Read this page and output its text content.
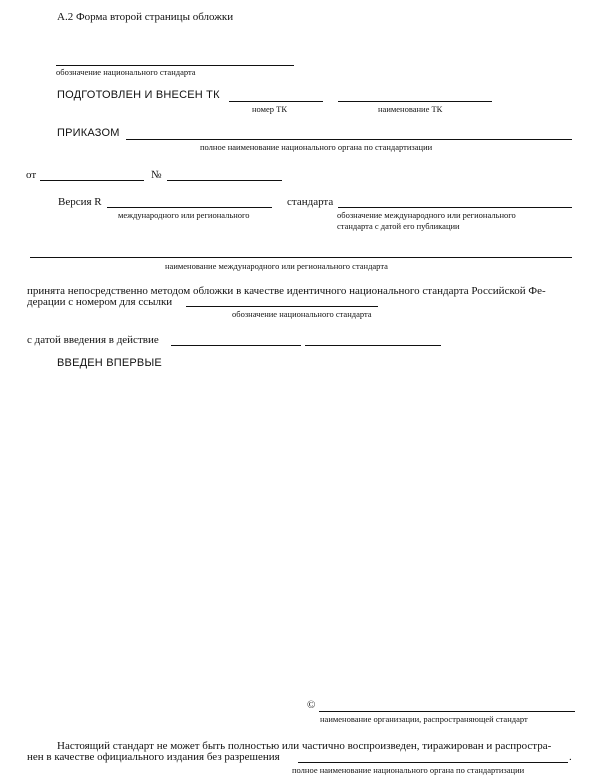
А.2 Форма второй страницы обложки
обозначение национального стандарта
ПОДГОТОВЛЕН И ВНЕСЕН ТК
номер ТК	наименование ТК
ПРИКАЗОМ
полное наименование национального органа по стандартизации
от	№
Версия R
международного или регионального
стандарта
обозначение международного или регионального
стандарта с датой его публикации
наименование международного или регионального стандарта
принята непосредственно методом обложки в качестве идентичного национального стандарта Российской Фе-
дерации с номером для ссылки
обозначение национального стандарта
с датой введения в действие
ВВЕДЕН ВПЕРВЫЕ
©
наименование организации, распространяющей стандарт
Настоящий стандарт не может быть полностью или частично воспроизведен, тиражирован и распростра-
нен в качестве официального издания без разрешения	.
полное наименование национального органа по стандартизации
